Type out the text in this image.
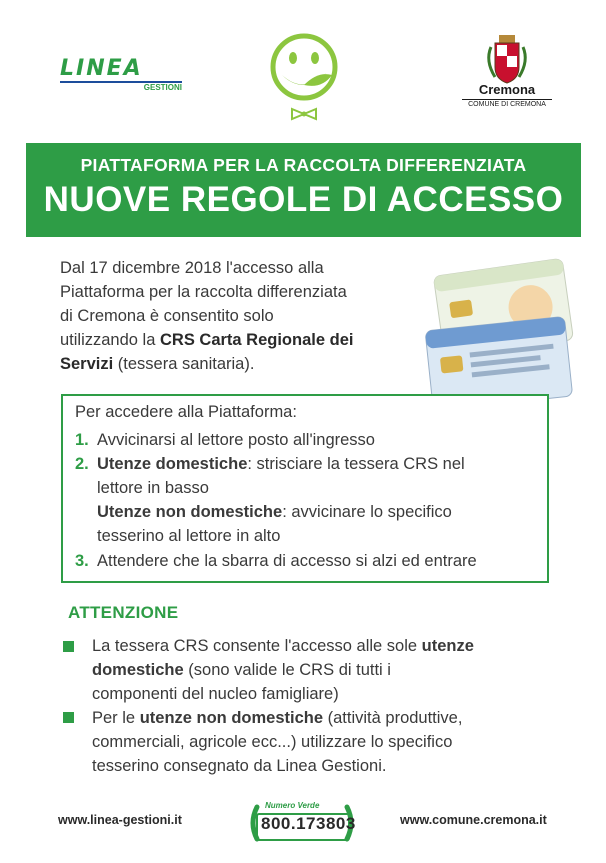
LINEA
GESTIONI	Cremona
COMUNE DI CREMONA
PIATTAFORMA PER LA RACCOLTA DIFFERENZIATA
NUOVE REGOLE DI ACCESSO
Dal 17 dicembre 2018 l'accesso alla
Piattaforma per la raccolta differenziata
di Cremona è consentito solo
utilizzando la CRS Carta Regionale dei
Servizi (tessera sanitaria).
Per accedere alla Piattaforma:
1. Avvicinarsi al lettore posto all'ingresso
2. Utenze domestiche: strisciare la tessera CRS nel
lettore in basso
Utenze non domestiche: avvicinare lo specifico
tesserino al lettore in alto
3. Attendere che la sbarra di accesso si alzi ed entrare
ATTENZIONE
La tessera CRS consente l'accesso alle sole utenze
domestiche (sono valide le CRS di tutti i
componenti del nucleo famigliare)
Per le utenze non domestiche (attività produttive,
commerciali, agricole ecc...) utilizzare lo specifico
tesserino consegnato da Linea Gestioni.
www.linea-gestioni.it
Numero Verde
800.173803	www.comune.cremona.it
